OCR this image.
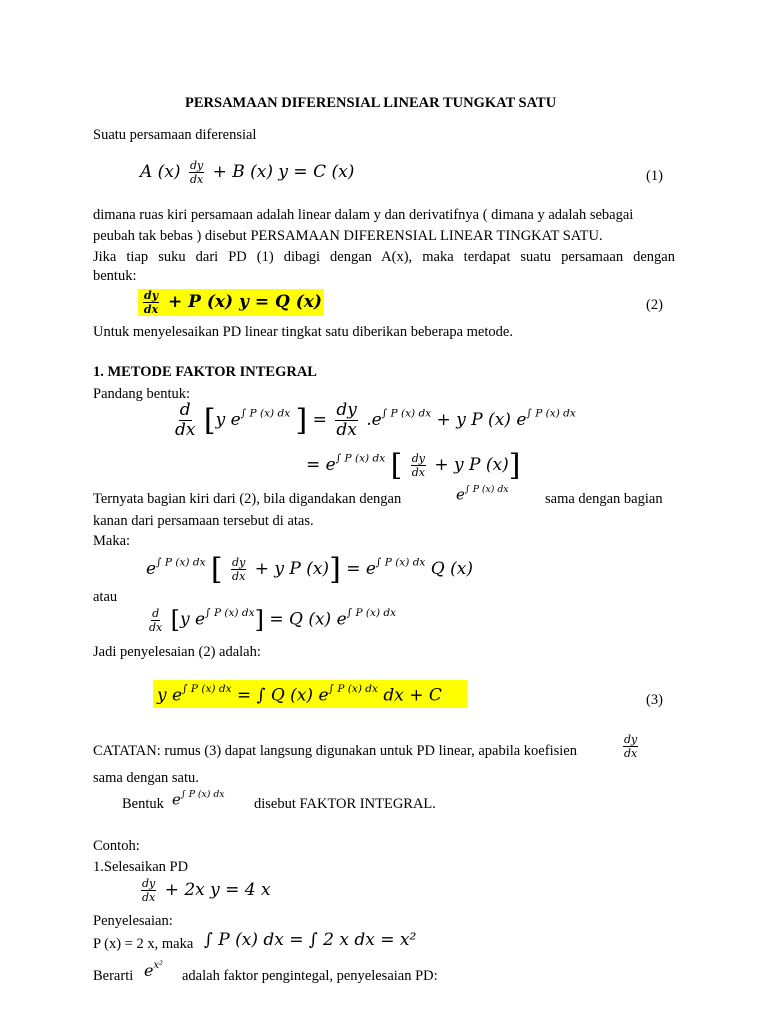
PERSAMAAN DIFERENSIAL LINEAR TUNGKAT SATU
Suatu persamaan diferensial
A $(x) \frac{dy}{dx} + B$ (x) y = C (x)	(1)
dimana ruas kiri persamaan adalah linear dalam y dan derivatifnya ( dimana y adalah sebagai
peubah tak bebas ) disebut PERSAMAAN DIFERENSIAL LINEAR TINGKAT SATU.
Jika tiap suku dari PD (1) dibagi dengan A(x), maka terdapat suatu persamaan dengan
bentuk:
$\frac{dy}{dx} + P$ (x) y = Q (x)	(2)
Untuk menyelesaikan PD linear tingkat satu diberikan beberapa metode.
1. METODE FAKTOR INTEGRAL
Pandang bentuk:
$\frac{d}{dx} [y$ $e^{\int P (x) dx}$ ] = $\frac{dy}{dx} .e^{\int P (x) dx} + y$ P (x) $e^{\int P (x) dx}$
= $e^{\int P (x) dx}$ [ $\frac{dy}{dx} + y$ P (x)]
Ternyata bagian kiri dari (2), bila digandakan dengan	$e^{\int P (x) dx}$
sama dengan bagian
kanan dari persamaan tersebut di atas.
Maka:
$e^{\int P (x) dx}$ [ $\frac{dy}{dx} + y$ P $(x)] = e^{\int P (x) dx}$ Q (x)
atau
$\frac{d}{dx} [y$ $e^{\int P (x) dx}] = Q$ (x) $e^{\int P (x) dx}$
Jadi penyelesaian (2) adalah:
y $e^{\int P (x) dx}$ = ∫ Q (x) $e^{\int P (x) dx}$ dx + C	(3)
CATATAN: rumus (3) dapat langsung digunakan untuk PD linear, apabila koefisien	$\frac{dy}{dx}$
sama dengan satu.
Bentuk $e^{\int P (x) dx}$
disebut FAKTOR INTEGRAL.
Contoh:
1.Selesaikan PD
$\frac{dy}{dx} + 2x$ y = 4 x
Penyelesaian:
P (x) = 2 x, maka ∫ P (x) dx = ∫ 2 x dx = x²
Berarti $e^{x^2}$
adalah faktor pengintegal, penyelesaian PD:
